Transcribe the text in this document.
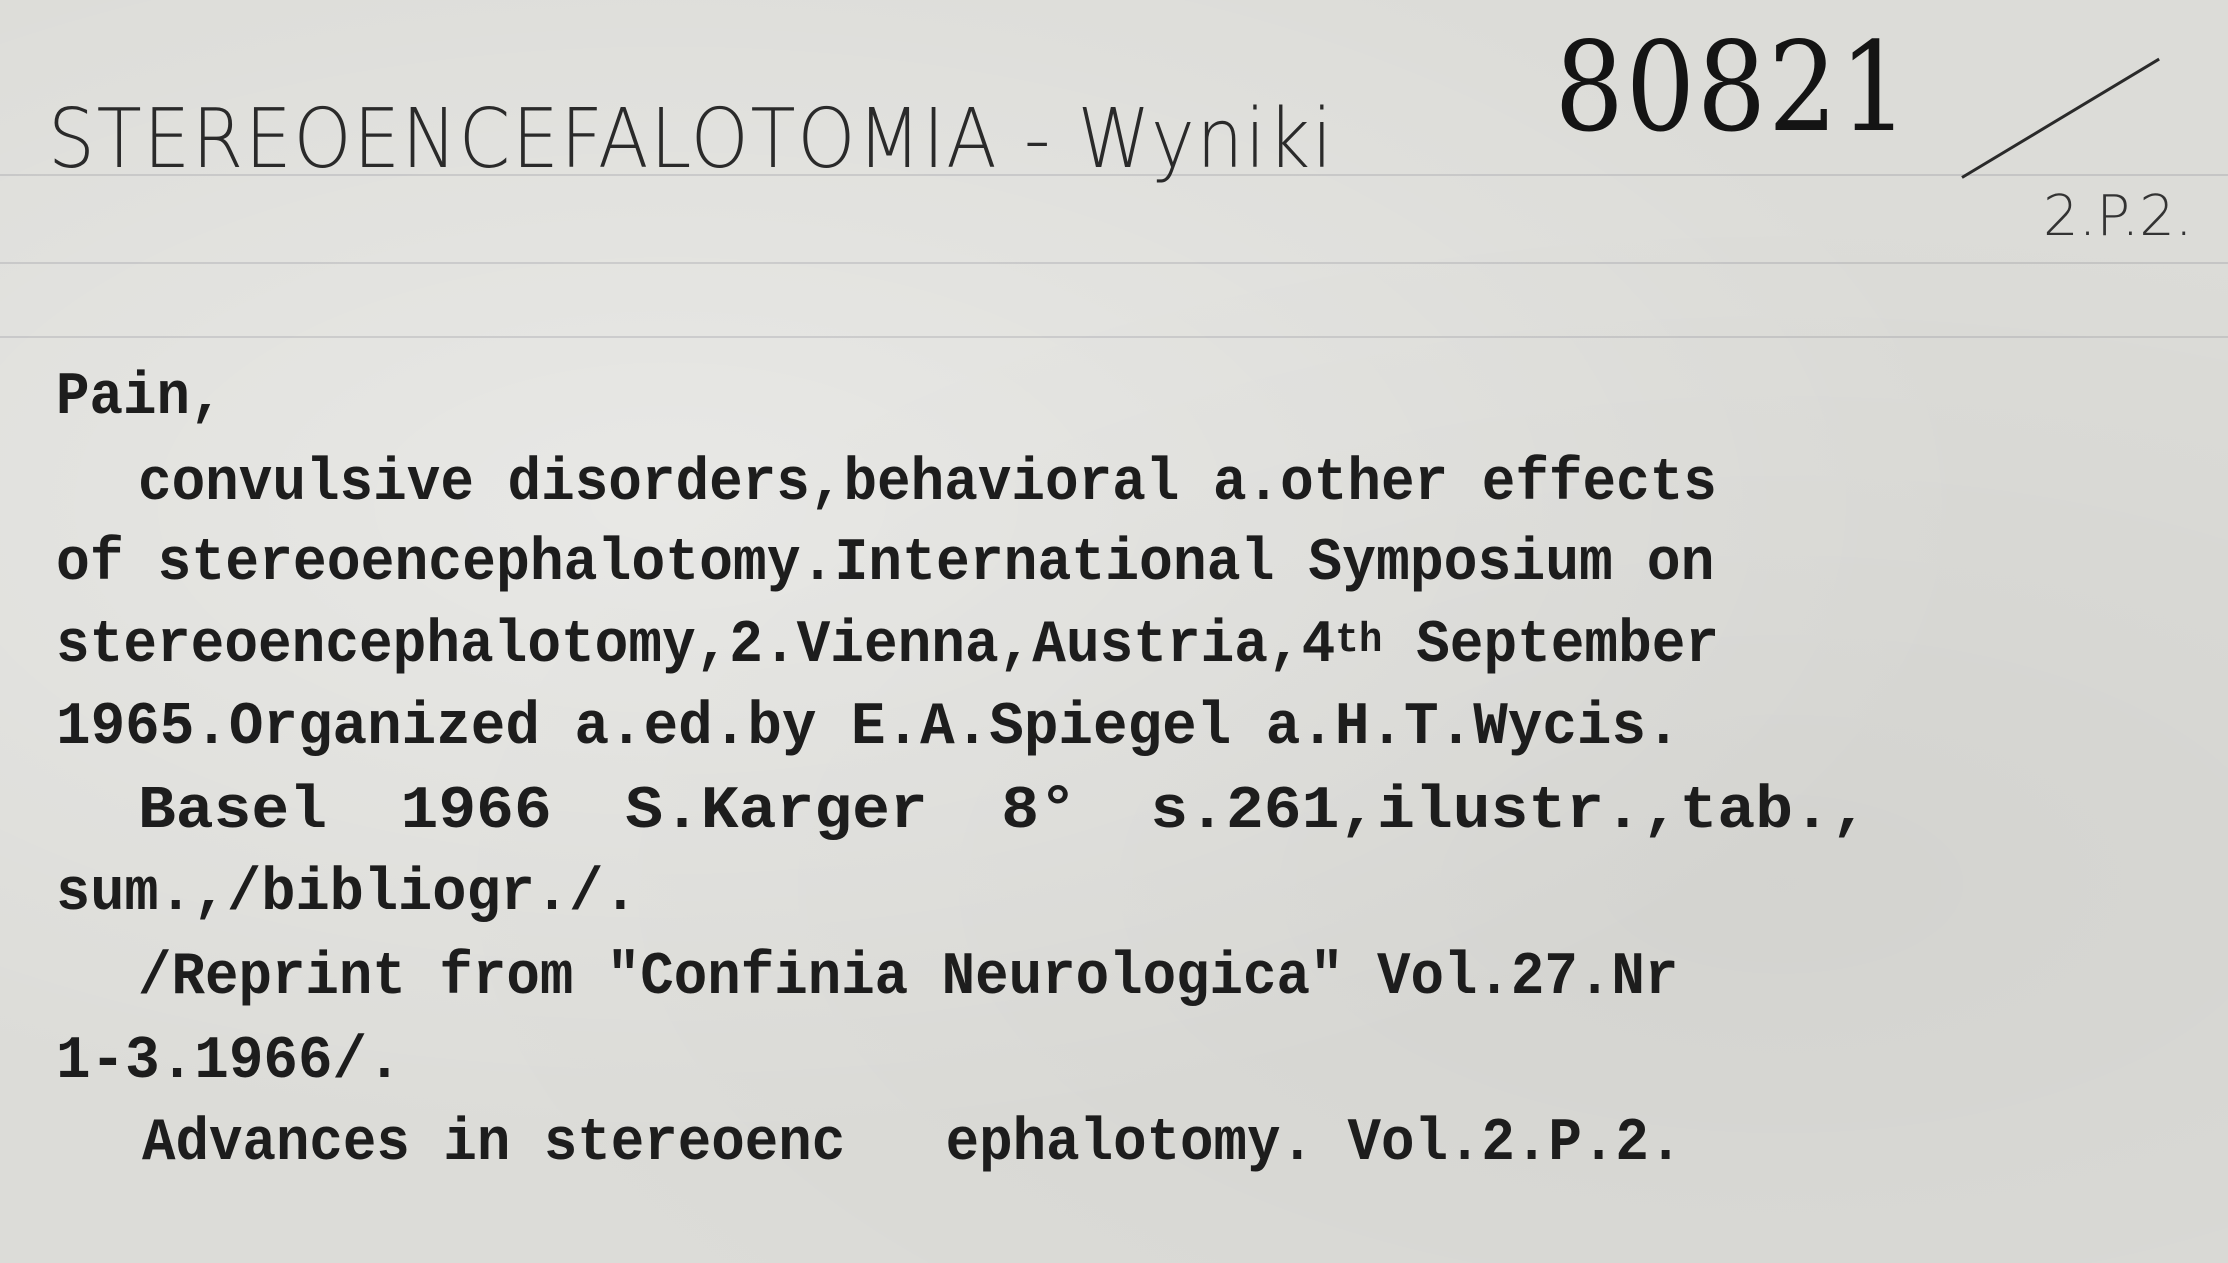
STEREOENCEFALOTOMIA - Wyniki 80821
2.P.2.
Pain,
convulsive disorders,behavioral a.other effects
of stereoencephalotomy.International Symposium on
stereoencephalotomy,2.Vienna,Austria,4th September
1965.Organized a.ed.by E.A.Spiegel a.H.T.Wycis.
Basel 1966 S.Karger 8° s.261,ilustr.,tab.,
sum.,/bibliogr./.
/Reprint from "Confinia Neurologica" Vol.27.Nr
1-3.1966/.
Advances in stereoenc   ephalotomy. Vol.2.P.2.
